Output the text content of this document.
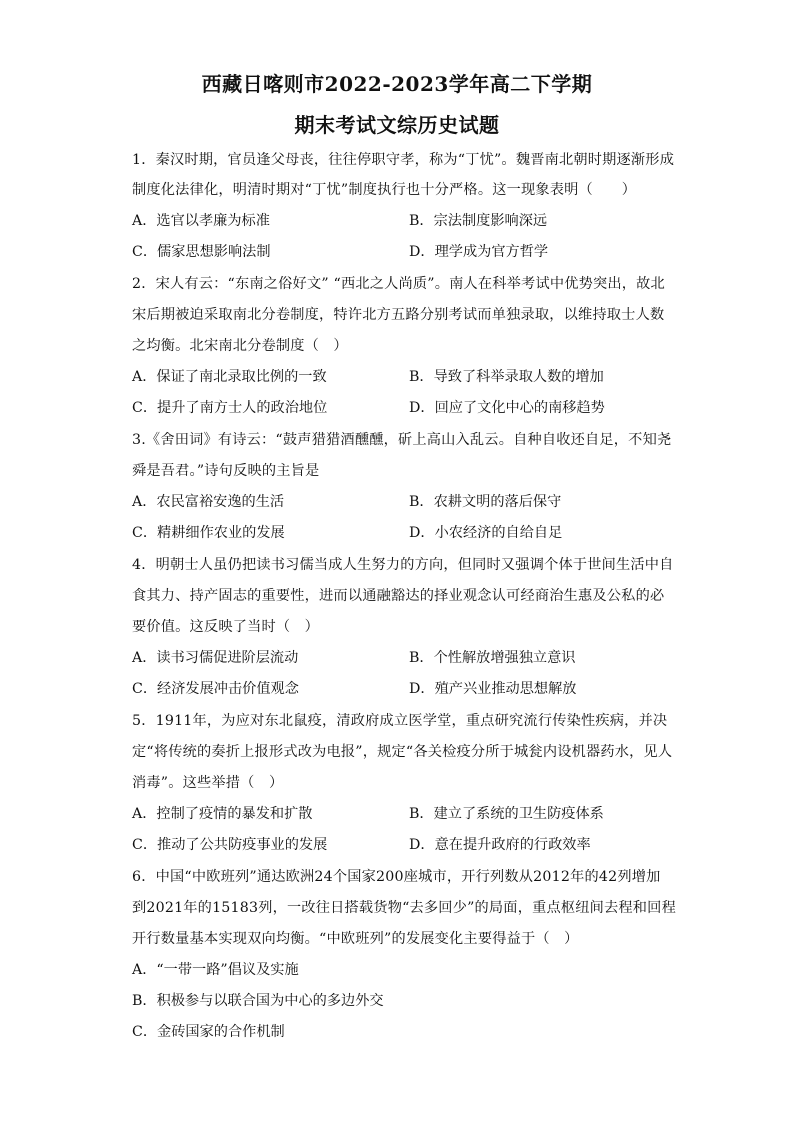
西藏日喀则市2022-2023学年高二下学期
期末考试文综历史试题
1．秦汉时期，官员逢父母丧，往往停职守孝，称为“丁忧”。魏晋南北朝时期逐渐形成
制度化法律化，明清时期对“丁忧”制度执行也十分严格。这一现象表明（　　）
A．选官以孝廉为标准	B．宗法制度影响深远
C．儒家思想影响法制	D．理学成为官方哲学
2．宋人有云：“东南之俗好文” “西北之人尚质”。南人在科举考试中优势突出，故北
宋后期被迫采取南北分卷制度，特许北方五路分别考试而单独录取，以维持取士人数
之均衡。北宋南北分卷制度（　）
A．保证了南北录取比例的一致	B．导致了科举录取人数的增加
C．提升了南方士人的政治地位	D．回应了文化中心的南移趋势
3.《舍田词》有诗云：“鼓声猎猎酒醺醺，斫上高山入乱云。自种自收还自足，不知尧
舜是吾君。”诗句反映的主旨是
A．农民富裕安逸的生活	B．农耕文明的落后保守
C．精耕细作农业的发展	D．小农经济的自给自足
4．明朝士人虽仍把读书习儒当成人生努力的方向，但同时又强调个体于世间生活中自
食其力、持产固志的重要性，进而以通融豁达的择业观念认可经商治生惠及公私的必
要价值。这反映了当时（　）
A．读书习儒促进阶层流动	B．个性解放增强独立意识
C．经济发展冲击价值观念	D．殖产兴业推动思想解放
5．1911年，为应对东北鼠疫，清政府成立医学堂，重点研究流行传染性疾病，并决
定“将传统的奏折上报形式改为电报”，规定“各关检疫分所于城瓮内设机器药水，见人
消毒”。这些举措（　）
A．控制了疫情的暴发和扩散	B．建立了系统的卫生防疫体系
C．推动了公共防疫事业的发展	D．意在提升政府的行政效率
6．中国“中欧班列”通达欧洲24个国家200座城市，开行列数从2012年的42列增加
到2021年的15183列，一改往日搭载货物“去多回少”的局面，重点枢纽间去程和回程
开行数量基本实现双向均衡。“中欧班列”的发展变化主要得益于（　）
A．“一带一路”倡议及实施
B．积极参与以联合国为中心的多边外交
C．金砖国家的合作机制
